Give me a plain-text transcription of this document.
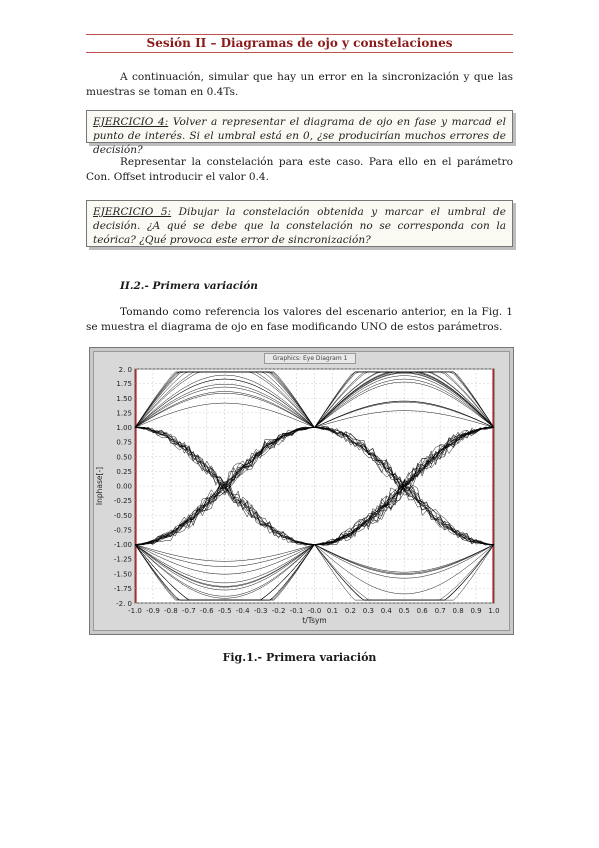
Sesión II – Diagramas de ojo y constelaciones
A continuación, simular que hay un error en la sincronización y que las muestras se toman en 0.4Ts.
EJERCICIO 4: Volver a representar el diagrama de ojo en fase y marcad el punto de interés. Si el umbral está en 0, ¿se producirían muchos errores de decisión?
Representar la constelación para este caso. Para ello en el parámetro Con. Offset introducir el valor 0.4.
EJERCICIO 5: Dibujar la constelación obtenida y marcar el umbral de decisión. ¿A qué se debe que la constelación no se corresponda con la teórica? ¿Qué provoca este error de sincronización?
II.2.- Primera variación
Tomando como referencia los valores del escenario anterior, en la Fig. 1 se muestra el diagrama de ojo en fase modificando UNO de estos parámetros.
Graphics: Eye Diagram 1
1.75
1.50
1.25
1.00
0.75
0.50
0.25
0.00
-0.25
-0.50
-0.75
-1.00
-1.25
-1.50
-1.75
2. 0
-2. 0
-1.0 -0.9 -0.8 -0.7 -0.6 -0.5 -0.4 -0.3 -0.2 -0.1 -0.0 0.1 0.2 0.3 0.4 0.5 0.6 0.7 0.8 0.9 1.0
t/Tsym
Inphase[-]
Fig.1.- Primera variación
